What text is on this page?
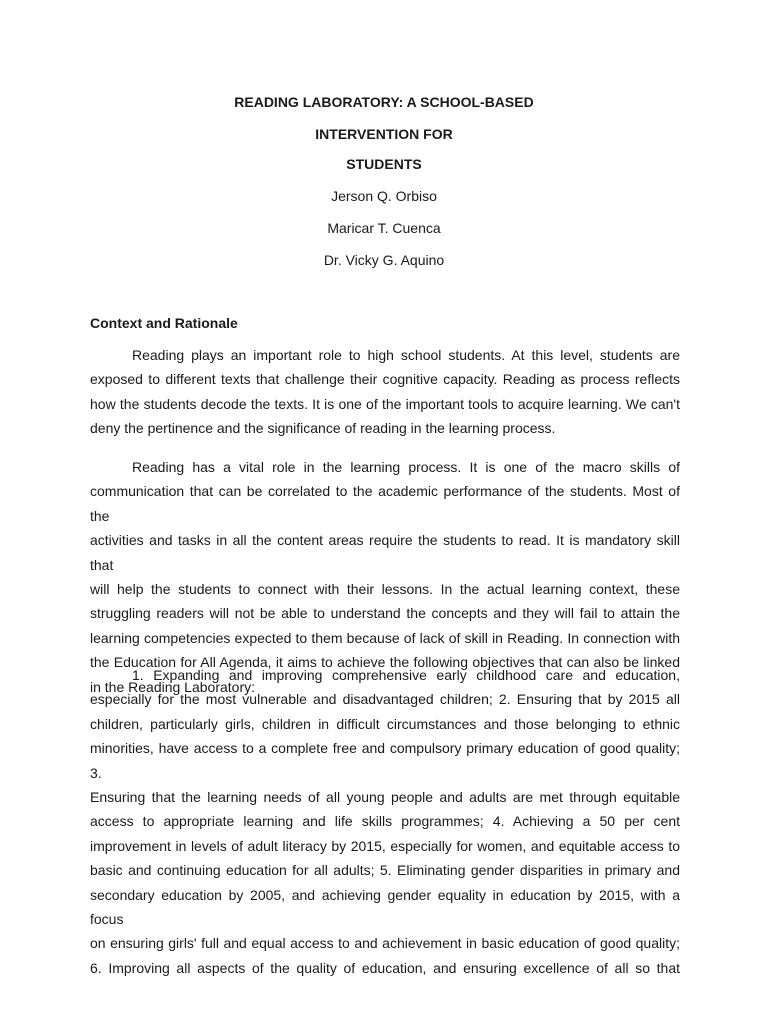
READING LABORATORY: A SCHOOL-BASED
INTERVENTION FOR
STUDENTS
Jerson Q. Orbiso
Maricar T. Cuenca
Dr. Vicky G. Aquino
Context and Rationale
Reading plays an important role to high school students. At this level, students are
exposed to different texts that challenge their cognitive capacity. Reading as process reflects
how the students decode the texts. It is one of the important tools to acquire learning. We can't
deny the pertinence and the significance of reading in the learning process.
Reading has a vital role in the learning process. It is one of the macro skills of
communication that can be correlated to the academic performance of the students. Most of the
activities and tasks in all the content areas require the students to read. It is mandatory skill that
will help the students to connect with their lessons. In the actual learning context, these
struggling readers will not be able to understand the concepts and they will fail to attain the
learning competencies expected to them because of lack of skill in Reading. In connection with
the Education for All Agenda, it aims to achieve the following objectives that can also be linked
in the Reading Laboratory:
1. Expanding and improving comprehensive early childhood care and education,
especially for the most vulnerable and disadvantaged children; 2. Ensuring that by 2015 all
children, particularly girls, children in difficult circumstances and those belonging to ethnic
minorities, have access to a complete free and compulsory primary education of good quality; 3.
Ensuring that the learning needs of all young people and adults are met through equitable
access to appropriate learning and life skills programmes; 4. Achieving a 50 per cent
improvement in levels of adult literacy by 2015, especially for women, and equitable access to
basic and continuing education for all adults; 5. Eliminating gender disparities in primary and
secondary education by 2005, and achieving gender equality in education by 2015, with a focus
on ensuring girls' full and equal access to and achievement in basic education of good quality;
6. Improving all aspects of the quality of education, and ensuring excellence of all so that
